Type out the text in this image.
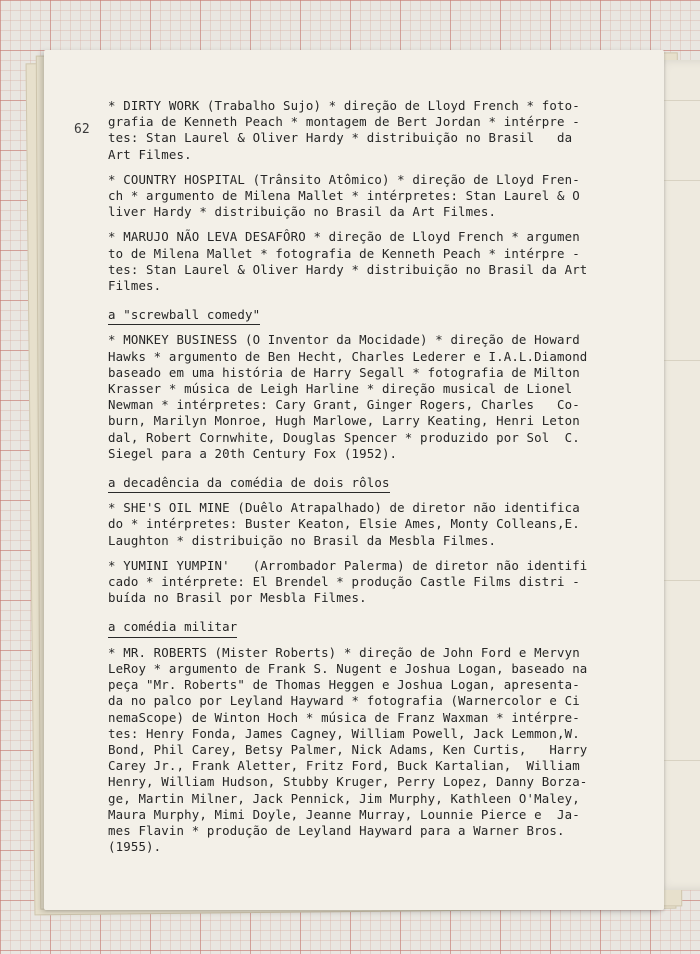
62
* DIRTY WORK (Trabalho Sujo) * direção de Lloyd French * foto-
grafia de Kenneth Peach * montagem de Bert Jordan * intérpre -
tes: Stan Laurel & Oliver Hardy * distribuição no Brasil   da
Art Filmes.
* COUNTRY HOSPITAL (Trânsito Atômico) * direção de Lloyd Fren-
ch * argumento de Milena Mallet * intérpretes: Stan Laurel & O
liver Hardy * distribuição no Brasil da Art Filmes.
* MARUJO NÃO LEVA DESAFÔRO * direção de Lloyd French * argumen
to de Milena Mallet * fotografia de Kenneth Peach * intérpre -
tes: Stan Laurel & Oliver Hardy * distribuição no Brasil da Art
Filmes.
a "screwball comedy"
* MONKEY BUSINESS (O Inventor da Mocidade) * direção de Howard
Hawks * argumento de Ben Hecht, Charles Lederer e I.A.L.Diamond
baseado em uma história de Harry Segall * fotografia de Milton
Krasser * música de Leigh Harline * direção musical de Lionel
Newman * intérpretes: Cary Grant, Ginger Rogers, Charles   Co-
burn, Marilyn Monroe, Hugh Marlowe, Larry Keating, Henri Leton
dal, Robert Cornwhite, Douglas Spencer * produzido por Sol  C.
Siegel para a 20th Century Fox (1952).
a decadência da comédia de dois rôlos
* SHE'S OIL MINE (Duêlo Atrapalhado) de diretor não identifica
do * intérpretes: Buster Keaton, Elsie Ames, Monty Colleans,E.
Laughton * distribuição no Brasil da Mesbla Filmes.
* YUMINI YUMPIN'   (Arrombador Palerma) de diretor não identifi
cado * intérprete: El Brendel * produção Castle Films distri -
buída no Brasil por Mesbla Filmes.
a comédia militar
* MR. ROBERTS (Mister Roberts) * direção de John Ford e Mervyn
LeRoy * argumento de Frank S. Nugent e Joshua Logan, baseado na
peça "Mr. Roberts" de Thomas Heggen e Joshua Logan, apresenta-
da no palco por Leyland Hayward * fotografia (Warnercolor e Ci
nemaScope) de Winton Hoch * música de Franz Waxman * intérpre-
tes: Henry Fonda, James Cagney, William Powell, Jack Lemmon,W.
Bond, Phil Carey, Betsy Palmer, Nick Adams, Ken Curtis,   Harry
Carey Jr., Frank Aletter, Fritz Ford, Buck Kartalian,  William
Henry, William Hudson, Stubby Kruger, Perry Lopez, Danny Borza-
ge, Martin Milner, Jack Pennick, Jim Murphy, Kathleen O'Maley,
Maura Murphy, Mimi Doyle, Jeanne Murray, Lounnie Pierce e  Ja-
mes Flavin * produção de Leyland Hayward para a Warner Bros.
(1955).
